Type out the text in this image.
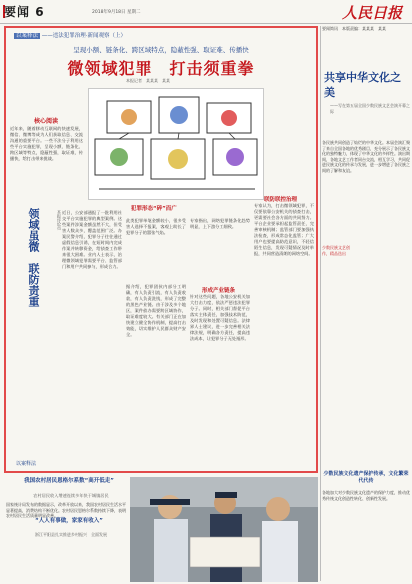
要闻 6	2018年9月18日 星期二	人民日报
以案释法 ——违法犯罪治理·新闻观察（上）
呈现小额、链条化、跨区域特点，隐蔽性强、取证难、传播快
微领域犯罪　打击须重拳
本报记者　某某某　某某
核心阅读
近年来，随着移动互联网的快速发展，微信、微博等成为人们获取信息、交流沟通的重要平台。一些不法分子利用这些平台实施犯罪，呈现小额、链条化、跨区域等特点，隐蔽性强，取证难，传播快，给打击带来挑战。
领域虽微　联防责重	本报评论员 近日，公安部通报了一批利用社交平台实施犯罪的典型案例。这些案件涉案金额虽然不大，但受害人数众多，覆盖范围广泛。办案民警介绍，犯罪分子往往通过虚假信息引诱，在短时间内完成作案并转移资金，给侦查工作带来很大困难。业内人士表示，治理微领域犯罪需要平台、监管部门和用户共同参与，形成合力。
犯罪形态“碎”而广
此类犯罪单笔金额较小，很多受害人选择不报案，客观上助长了犯罪分子的嚣张气焰。
专家指出，网络犯罪链条化趋势明显，上下游分工细致。
形成产业链条
据介绍，犯罪团伙内部分工明确，有人负责引流，有人负责收款，有人负责洗钱，形成了完整的黑色产业链。由于涉及多个地区，案件侦办需要跨区域协作，取证难度较大。有关部门正在加快建立健全协作机制，提高打击效能，切实维护人民群众财产安全。
针对这些问题，各地公安机关加大打击力度，依法严惩违法犯罪分子。同时，相关部门督促平台落实主体责任，加强技术防范，及时发现和处置可疑信息。法律界人士建议，进一步完善相关法律法规，明确各方责任，提高违法成本，让犯罪分子无处遁形。
联防联控治理
专家认为，打击微领域犯罪，不仅要依靠公安机关的侦查打击，更需要社会各方面的共同努力。平台企业要承担起监管责任，完善审核机制；监管部门要加强执法检查，形成常态化监管；广大用户也要提高防范意识，不轻信陌生信息，发现可疑情况及时举报，共同营造清朗的网络空间。
以案释法
要闻简讯　本版责编：某某某　某某
共享中华文化之美
——写在第五届全国少数民族文艺会演开幕之际
各民族共同创造了灿烂的中华文化。本届会演汇聚了来自全国各地的优秀剧目，充分展示了各民族文化的独特魅力，体现了中华文化的多样性。演出期间，各地文艺工作者同台交流，相互学习，共同促进民族文化的传承与发展，进一步增进了各民族之间的了解和友谊。
少数民族文艺创作，精品迭出
少数民族文化遗产保护传承，文化繁荣代代传
各地加大对少数民族文化遗产的保护力度，推动优秀传统文化创造性转化、创新性发展。
我国农村居民恩格尔系数“高开低走”
农村居民收入增速连续多年快于城镇居民
国家统计局发布的数据显示，改革开放以来，我国农村居民生活水平显著提高，消费结构不断优化。农村居民恩格尔系数持续下降，表明农村居民生活质量明显改善。
“人人有事做，家家有收入”
浙江平阳县扎实推进乡村振兴　全面发展
